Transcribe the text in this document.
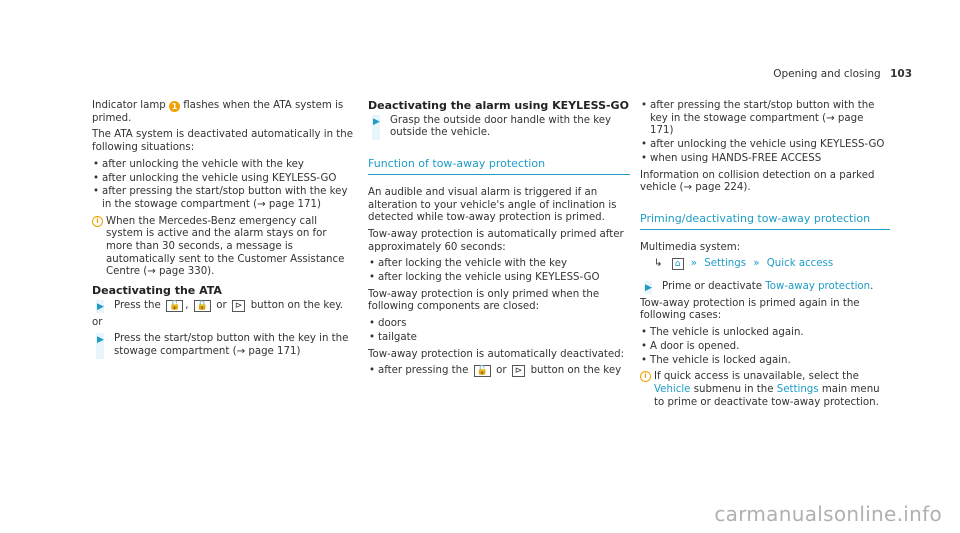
Opening and closing 103

Indicator lamp 1 flashes when the ATA system is primed.

The ATA system is deactivated automatically in the following situations:

• after unlocking the vehicle with the key
• after unlocking the vehicle using KEYLESS-GO
• after pressing the start/stop button with the key in the stowage compartment (→ page 171)
i When the Mercedes-Benz emergency call system is active and the alarm stays on for more than 30 seconds, a message is automatically sent to the Customer Assistance Centre (→ page 330).
Deactivating the ATA
▶ Press the 🔓 , 🔒 or ⊳ button on the key.

or

▶ Press the start/stop button with the key in the stowage compartment (→ page 171)
Deactivating the alarm using KEYLESS-GO
▶ Grasp the outside door handle with the key outside the vehicle.
Function of tow-away protection

An audible and visual alarm is triggered if an alteration to your vehicle's angle of inclination is detected while tow-away protection is primed.

Tow-away protection is automatically primed after approximately 60 seconds:

• after locking the vehicle with the key
• after locking the vehicle using KEYLESS-GO

Tow-away protection is only primed when the following components are closed:

• doors
• tailgate

Tow-away protection is automatically deactivated:

• after pressing the 🔓 or ⊳ button on the key
• after pressing the start/stop button with the key in the stowage compartment (→ page 171)
• after unlocking the vehicle using KEYLESS-GO
• when using HANDS-FREE ACCESS

Information on collision detection on a parked vehicle (→ page 224).

Priming/deactivating tow-away protection

Multimedia system:

↳ ⌂ » Settings » Quick access
▶ Prime or deactivate Tow-away protection.

Tow-away protection is primed again in the following cases:

• The vehicle is unlocked again.
• A door is opened.
• The vehicle is locked again.
i If quick access is unavailable, select the Vehicle submenu in the Settings main menu to prime or deactivate tow-away protection.
carmanualsonline.info
